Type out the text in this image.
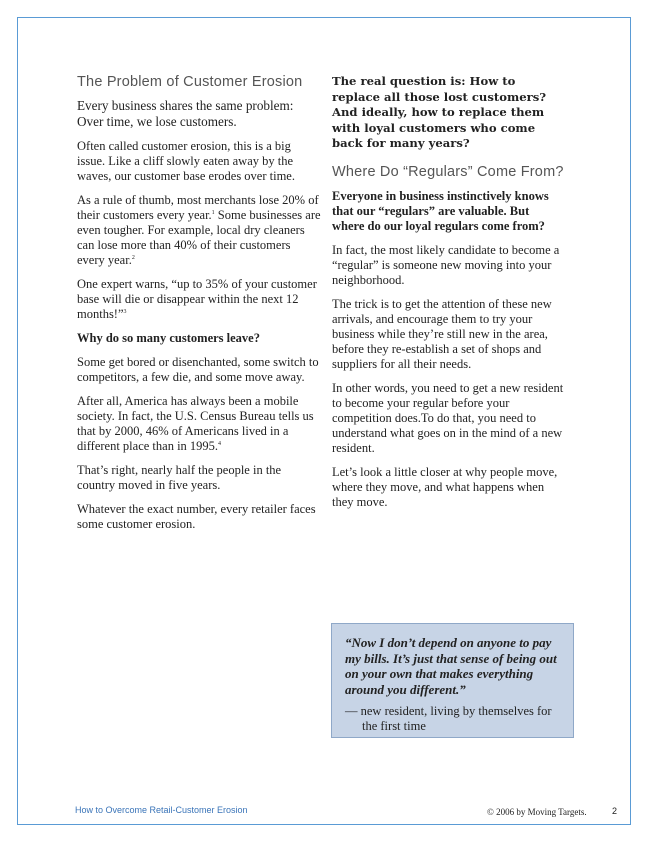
The Problem of Customer Erosion

Every business shares the same problem: Over time, we lose customers.

Often called customer erosion, this is a big issue. Like a cliff slowly eaten away by the waves, our customer base erodes over time.

As a rule of thumb, most merchants lose 20% of their customers every year.$^1$ Some businesses are even tougher. For example, local dry cleaners can lose more than 40% of their customers every year.$^2$

One expert warns, “up to 35% of your customer base will die or disappear within the next 12 months!”$^3$

Why do so many customers leave?

Some get bored or disenchanted, some switch to competitors, a few die, and some move away.

After all, America has always been a mobile society. In fact, the U.S. Census Bureau tells us that by 2000, 46% of Americans lived in a different place than in 1995.$^4$

That’s right, nearly half the people in the country moved in five years.

Whatever the exact number, every retailer faces some customer erosion.

The real question is: How to replace all those lost customers? And ideally, how to replace them with loyal customers who come back for many years?

Where Do “Regulars” Come From?

Everyone in business instinctively knows that our “regulars” are valuable. But where do our loyal regulars come from?

In fact, the most likely candidate to become a “regular” is someone new moving into your neighborhood.

The trick is to get the attention of these new arrivals, and encourage them to try your business while they’re still new in the area, before they re-establish a set of shops and suppliers for all their needs.

In other words, you need to get a new resident to become your regular before your competition does.To do that, you need to understand what goes on in the mind of a new resident.

Let’s look a little closer at why people move, where they move, and what happens when they move.

“Now I don’t depend on anyone to pay my bills. It’s just that sense of being out on your own that makes everything around you different.”

— new resident, living by themselves for the first time

How to Overcome Retail-Customer Erosion	© 2006 by Moving Targets.	2
